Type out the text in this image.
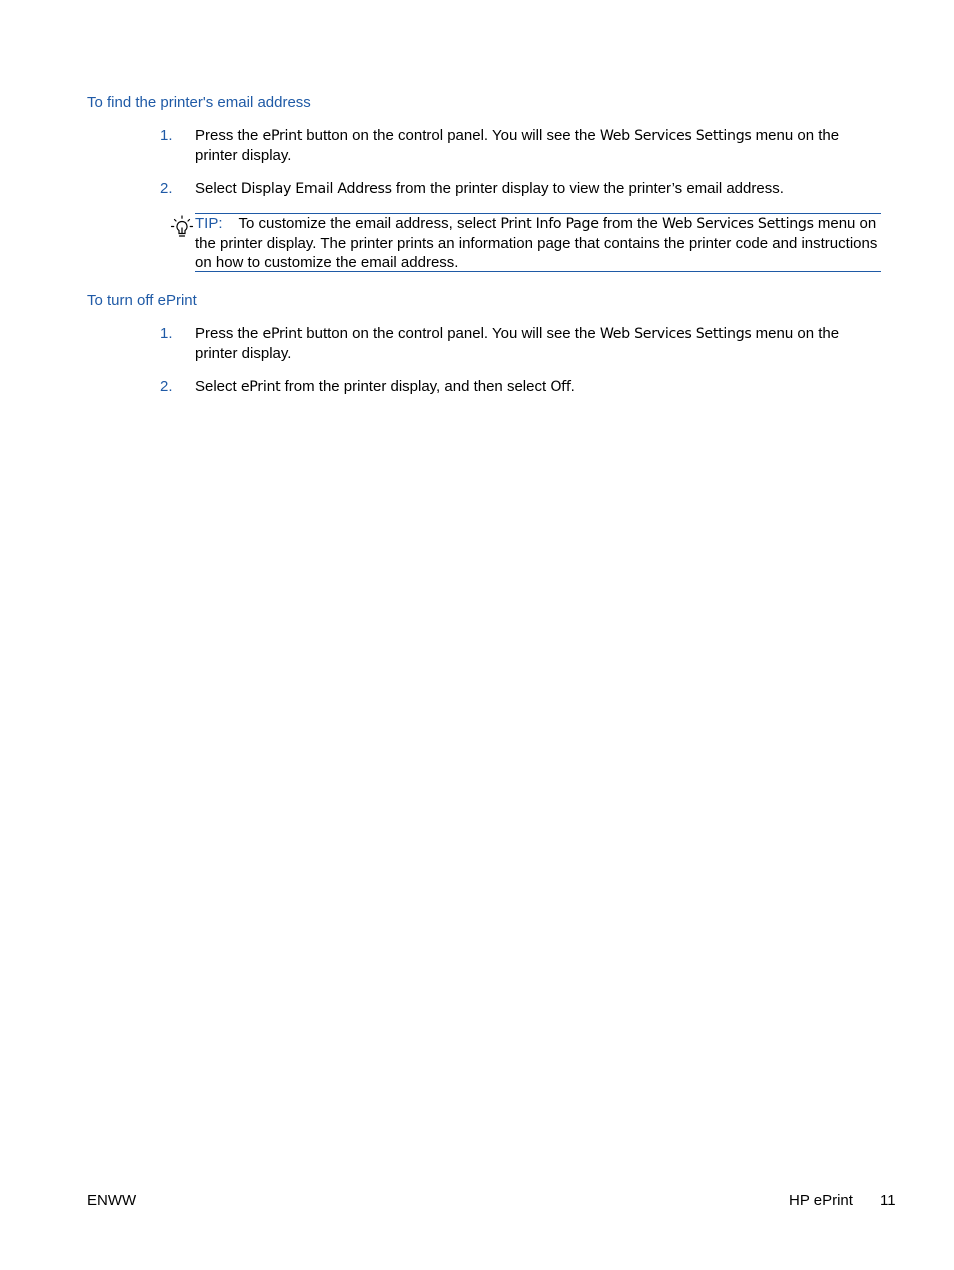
To find the printer's email address
1. Press the ePrint button on the control panel. You will see the Web Services Settings menu on the printer display.
2. Select Display Email Address from the printer display to view the printer’s email address.

TIP: To customize the email address, select Print Info Page from the Web Services Settings menu on the printer display. The printer prints an information page that contains the printer code and instructions on how to customize the email address.

To turn off ePrint
1. Press the ePrint button on the control panel. You will see the Web Services Settings menu on the printer display.
2. Select ePrint from the printer display, and then select Off.
ENWW	HP ePrint 11
